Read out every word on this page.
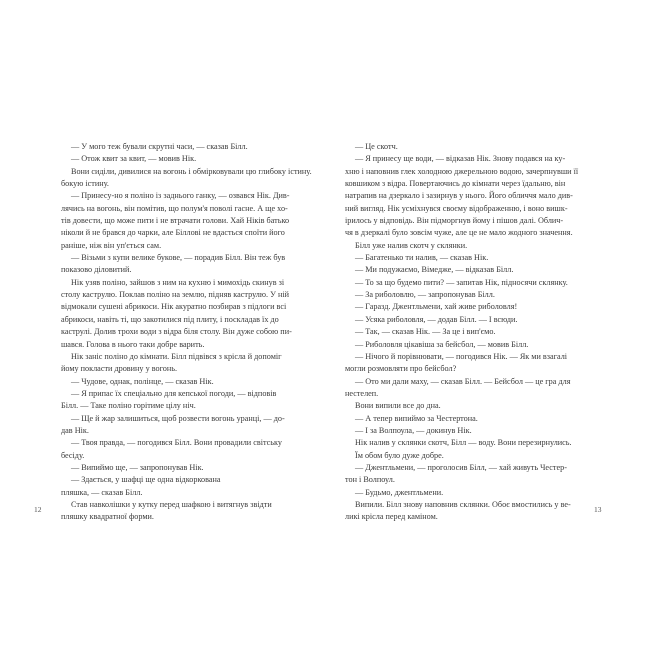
— У мого теж бували скрутні часи, — сказав Білл.
— Отож квит за квит, — мовив Нік.
Вони сиділи, дивилися на вогонь і обмірковували цю глибоку істину.
бокую істину.
— Принесу-но я поліно із заднього ганку, — озвався Нік. Див-
лячись на вогонь, він помітив, що полум'я поволі гасне. А ще хо-
тів довести, що може пити і не втрачати голови. Хай Ніків батько
ніколи й не брався до чарки, але Біллові не вдасться споїти його
раніше, ніж він уп'ється сам.
— Візьми з купи велике букове, — порадив Білл. Він теж був
показово діловитий.
Нік узяв поліно, зайшов з ним на кухню і мимохідь скинув зі
столу каструлю. Поклав поліно на землю, підняв каструлю. У ній
відмокали сушені абрикоси. Нік акуратно позбирав з підлоги всі
абрикоси, навіть ті, що закотилися під плиту, і поскладав їх до
каструлі. Долив трохи води з відра біля столу. Він дуже собою пи-
шався. Голова в нього таки добре варить.
Нік заніс поліно до кімнати. Білл підвівся з крісла й допоміг
йому покласти дровину у вогонь.
— Чудове, однак, полінце, — сказав Нік.
— Я припас їх спеціально для кепської погоди, — відповів
Білл. — Таке поліно горітиме цілу ніч.
— Ще й жар залишиться, щоб розвести вогонь уранці, — до-
дав Нік.
— Твоя правда, — погодився Білл. Вони провадили світську
бесіду.
— Випиймо ще, — запропонував Нік.
— Здається, у шафці ще одна відкоркована
пляшка, — сказав Білл.
Став навколішки у кутку перед шафкою і витягнув звідти
пляшку квадратної форми.
12
— Це скотч.
— Я принесу ще води, — відказав Нік. Знову подався на ку-
хню і наповнив глек холодною джерельною водою, зачерпнувши її
ковшиком з відра. Повертаючись до кімнати через їдальню, він
натрапив на дзеркало і зазирнув у нього. Його обличчя мало див-
ний вигляд. Нік усміхнувся своєму відображенню, і воно вишк-
ірилось у відповідь. Він підморгнув йому і пішов далі. Облич-
чя в дзеркалі було зовсім чуже, але це не мало жодного значення.
Білл уже налив скотч у склянки.
— Багатенько ти налив, — сказав Нік.
— Ми подужаємо, Вімедже, — відказав Білл.
— То за що будемо пити? — запитав Нік, підносячи склянку.
— За риболовлю, — запропонував Білл.
— Гаразд. Джентльмени, хай живе риболовля!
— Усяка риболовля, — додав Білл. — І всюди.
— Так, — сказав Нік. — За це і вип'ємо.
— Риболовля цікавіша за бейсбол, — мовив Білл.
— Нічого й порівнювати, — погодився Нік. — Як ми взагалі
могли розмовляти про бейсбол?
— Ото ми дали маху, — сказав Білл. — Бейсбол — це гра для
нестелеп.
Вони випили все до дна.
— А тепер випиймо за Честертона.
— І за Волпоула, — докинув Нік.
Нік налив у склянки скотч, Білл — воду. Вони перезирнулись.
Їм обом було дуже добре.
— Джентльмени, — проголосив Білл, — хай живуть Честер-
тон і Волпоул.
— Будьмо, джентльмени.
Випили. Білл знову наповнив склянки. Обоє вмостились у ве-
ликі крісла перед каміном.
13
